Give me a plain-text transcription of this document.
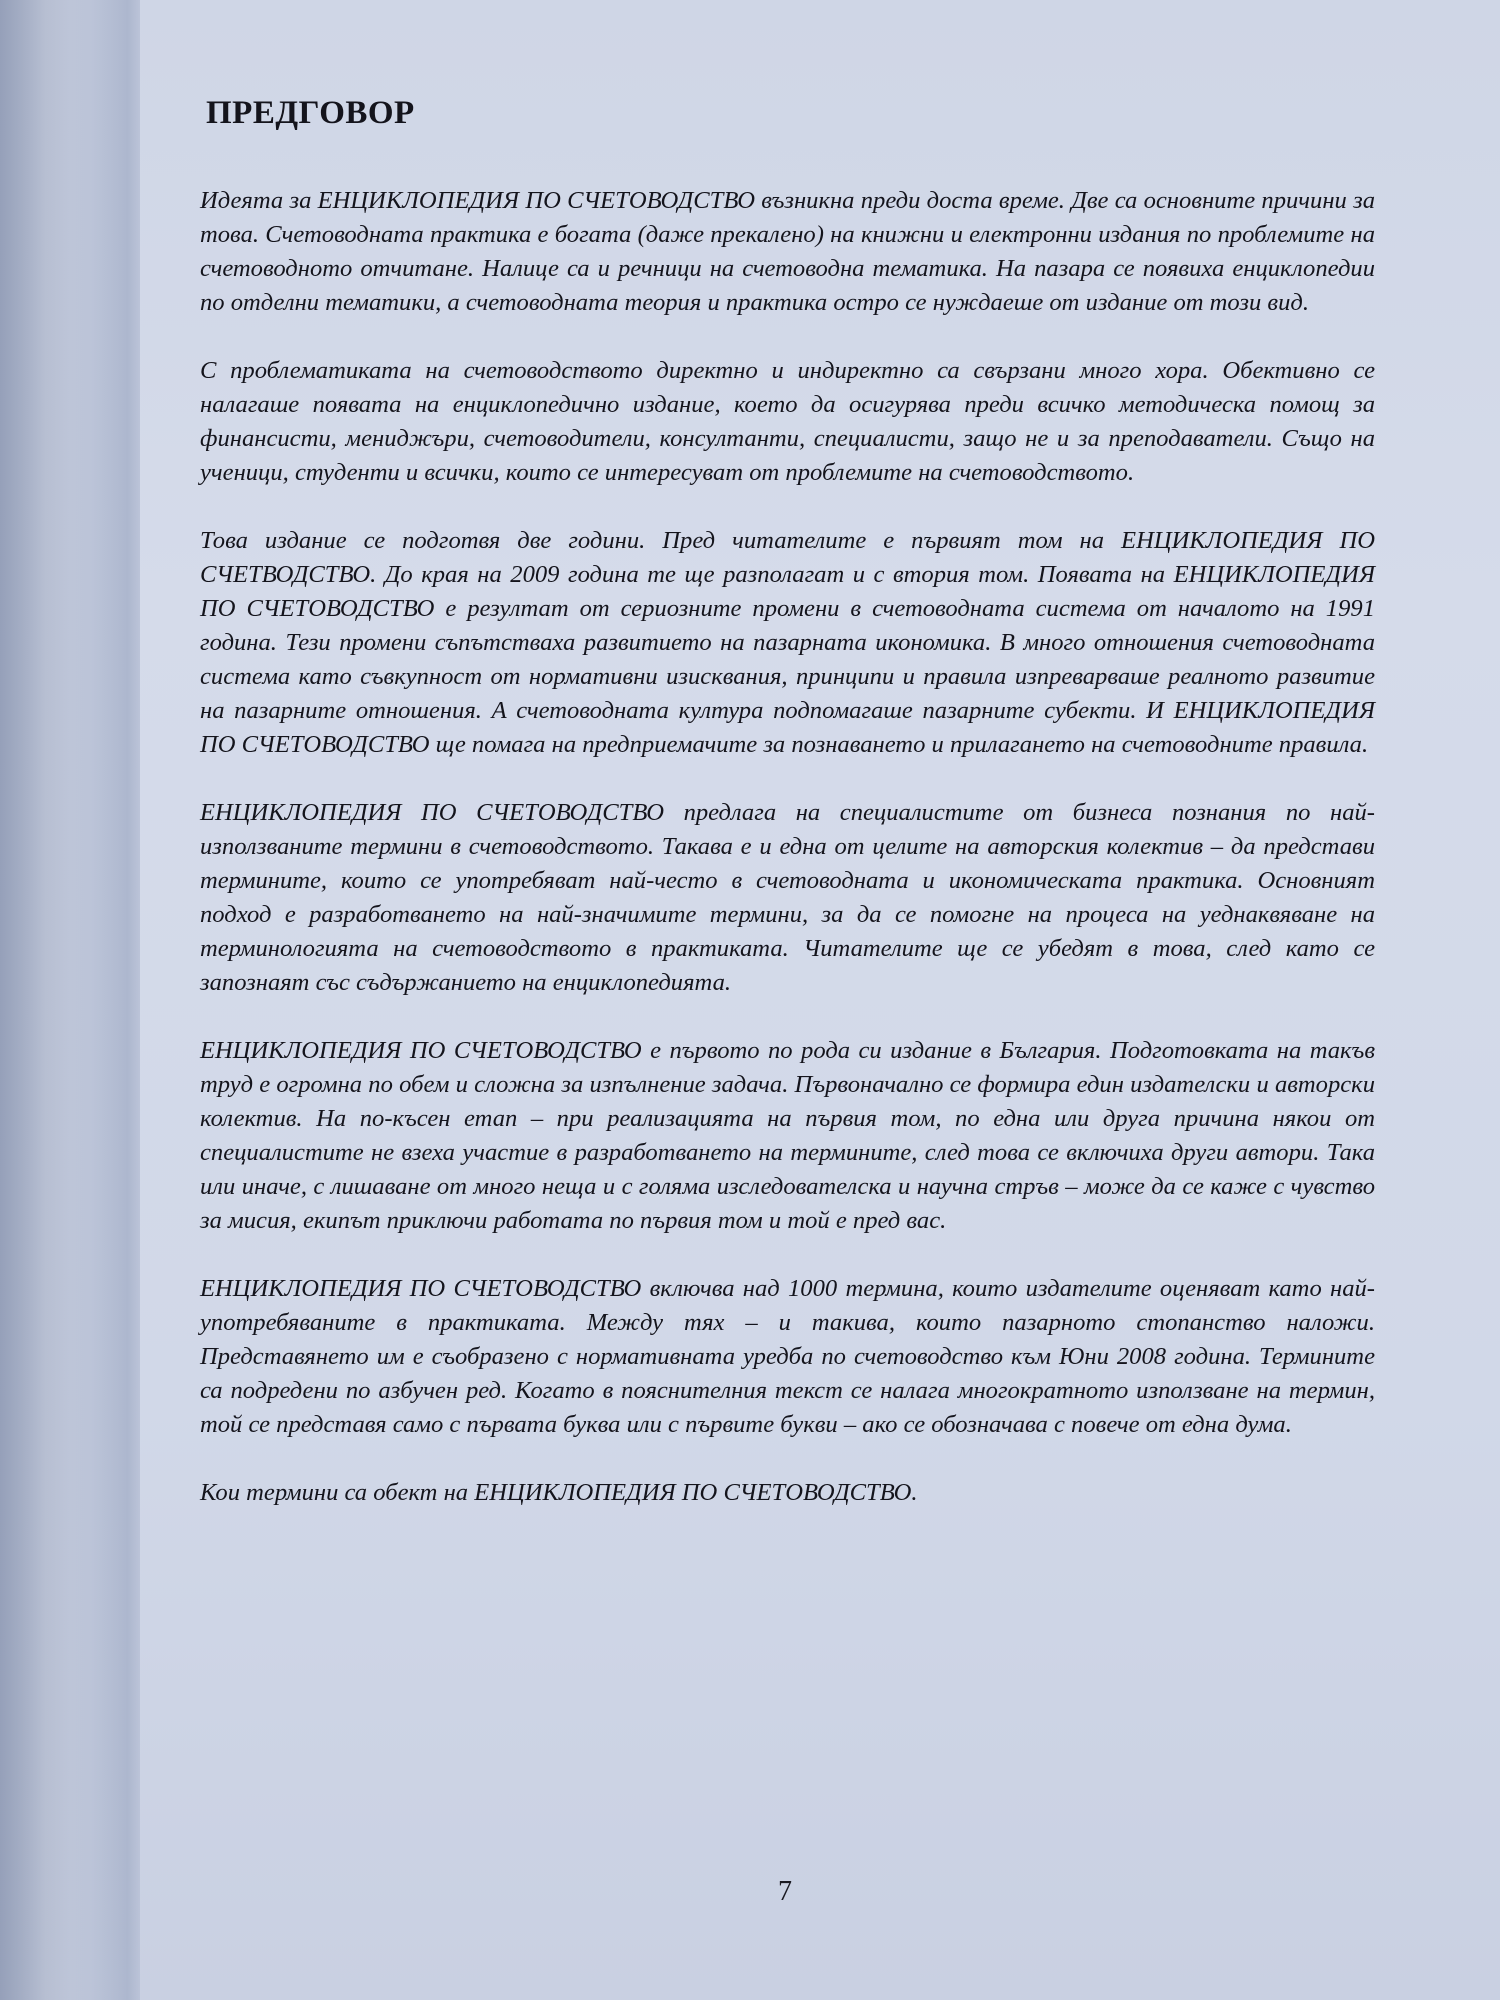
ПРЕДГОВОР

Идеята за ЕНЦИКЛОПЕДИЯ ПО СЧЕТОВОДСТВО възникна преди доста време. Две са основните причини за това. Счетоводната практика е богата (даже прекалено) на книжни и електронни издания по проблемите на счетоводното отчитане. Налице са и речници на счетоводна тематика. На пазара се появиха енциклопедии по отделни тематики, а счетоводната теория и практика остро се нуждаеше от издание от този вид.

С проблематиката на счетоводството директно и индиректно са свързани много хора. Обективно се налагаше появата на енциклопедично издание, което да осигурява преди всичко методическа помощ за финансисти, мениджъри, счетоводители, консултанти, специалисти, защо не и за преподаватели. Също на ученици, студенти и всички, които се интересуват от проблемите на счетоводството.

Това издание се подготвя две години. Пред читателите е първият том на ЕНЦИКЛОПЕДИЯ ПО СЧЕТВОДСТВО. До края на 2009 година те ще разполагат и с втория том. Появата на ЕНЦИКЛОПЕДИЯ ПО СЧЕТОВОДСТВО е резултат от сериозните промени в счетоводната система от началото на 1991 година. Тези промени съпътстваха развитието на пазарната икономика. В много отношения счетоводната система като съвкупност от нормативни изисквания, принципи и правила изпреварваше реалното развитие на пазарните отношения. А счетоводната култура подпомагаше пазарните субекти. И ЕНЦИКЛОПЕДИЯ ПО СЧЕТОВОДСТВО ще помага на предприемачите за познаването и прилагането на счетоводните правила.

ЕНЦИКЛОПЕДИЯ ПО СЧЕТОВОДСТВО предлага на специалистите от бизнеса познания по най-използваните термини в счетоводството. Такава е и една от целите на авторския колектив – да представи термините, които се употребяват най-често в счетоводната и икономическата практика. Основният подход е разработването на най-значимите термини, за да се помогне на процеса на уеднаквяване на терминологията на счетоводството в практиката. Читателите ще се убедят в това, след като се запознаят със съдържанието на енциклопедията.

ЕНЦИКЛОПЕДИЯ ПО СЧЕТОВОДСТВО е първото по рода си издание в България. Подготовката на такъв труд е огромна по обем и сложна за изпълнение задача. Първоначално се формира един издателски и авторски колектив. На по-късен етап – при реализацията на първия том, по една или друга причина някои от специалистите не взеха участие в разработването на термините, след това се включиха други автори. Така или иначе, с лишаване от много неща и с голяма изследователска и научна стръв – може да се каже с чувство за мисия, екипът приключи работата по първия том и той е пред вас.

ЕНЦИКЛОПЕДИЯ ПО СЧЕТОВОДСТВО включва над 1000 термина, които издателите оценяват като най-употребяваните в практиката. Между тях – и такива, които пазарното стопанство наложи. Представянето им е съобразено с нормативната уредба по счетоводство към Юни 2008 година. Термините са подредени по азбучен ред. Когато в пояснителния текст се налага многократното използване на термин, той се представя само с първата буква или с първите букви – ако се обозначава с повече от една дума.

Кои термини са обект на ЕНЦИКЛОПЕДИЯ ПО СЧЕТОВОДСТВО.

7
